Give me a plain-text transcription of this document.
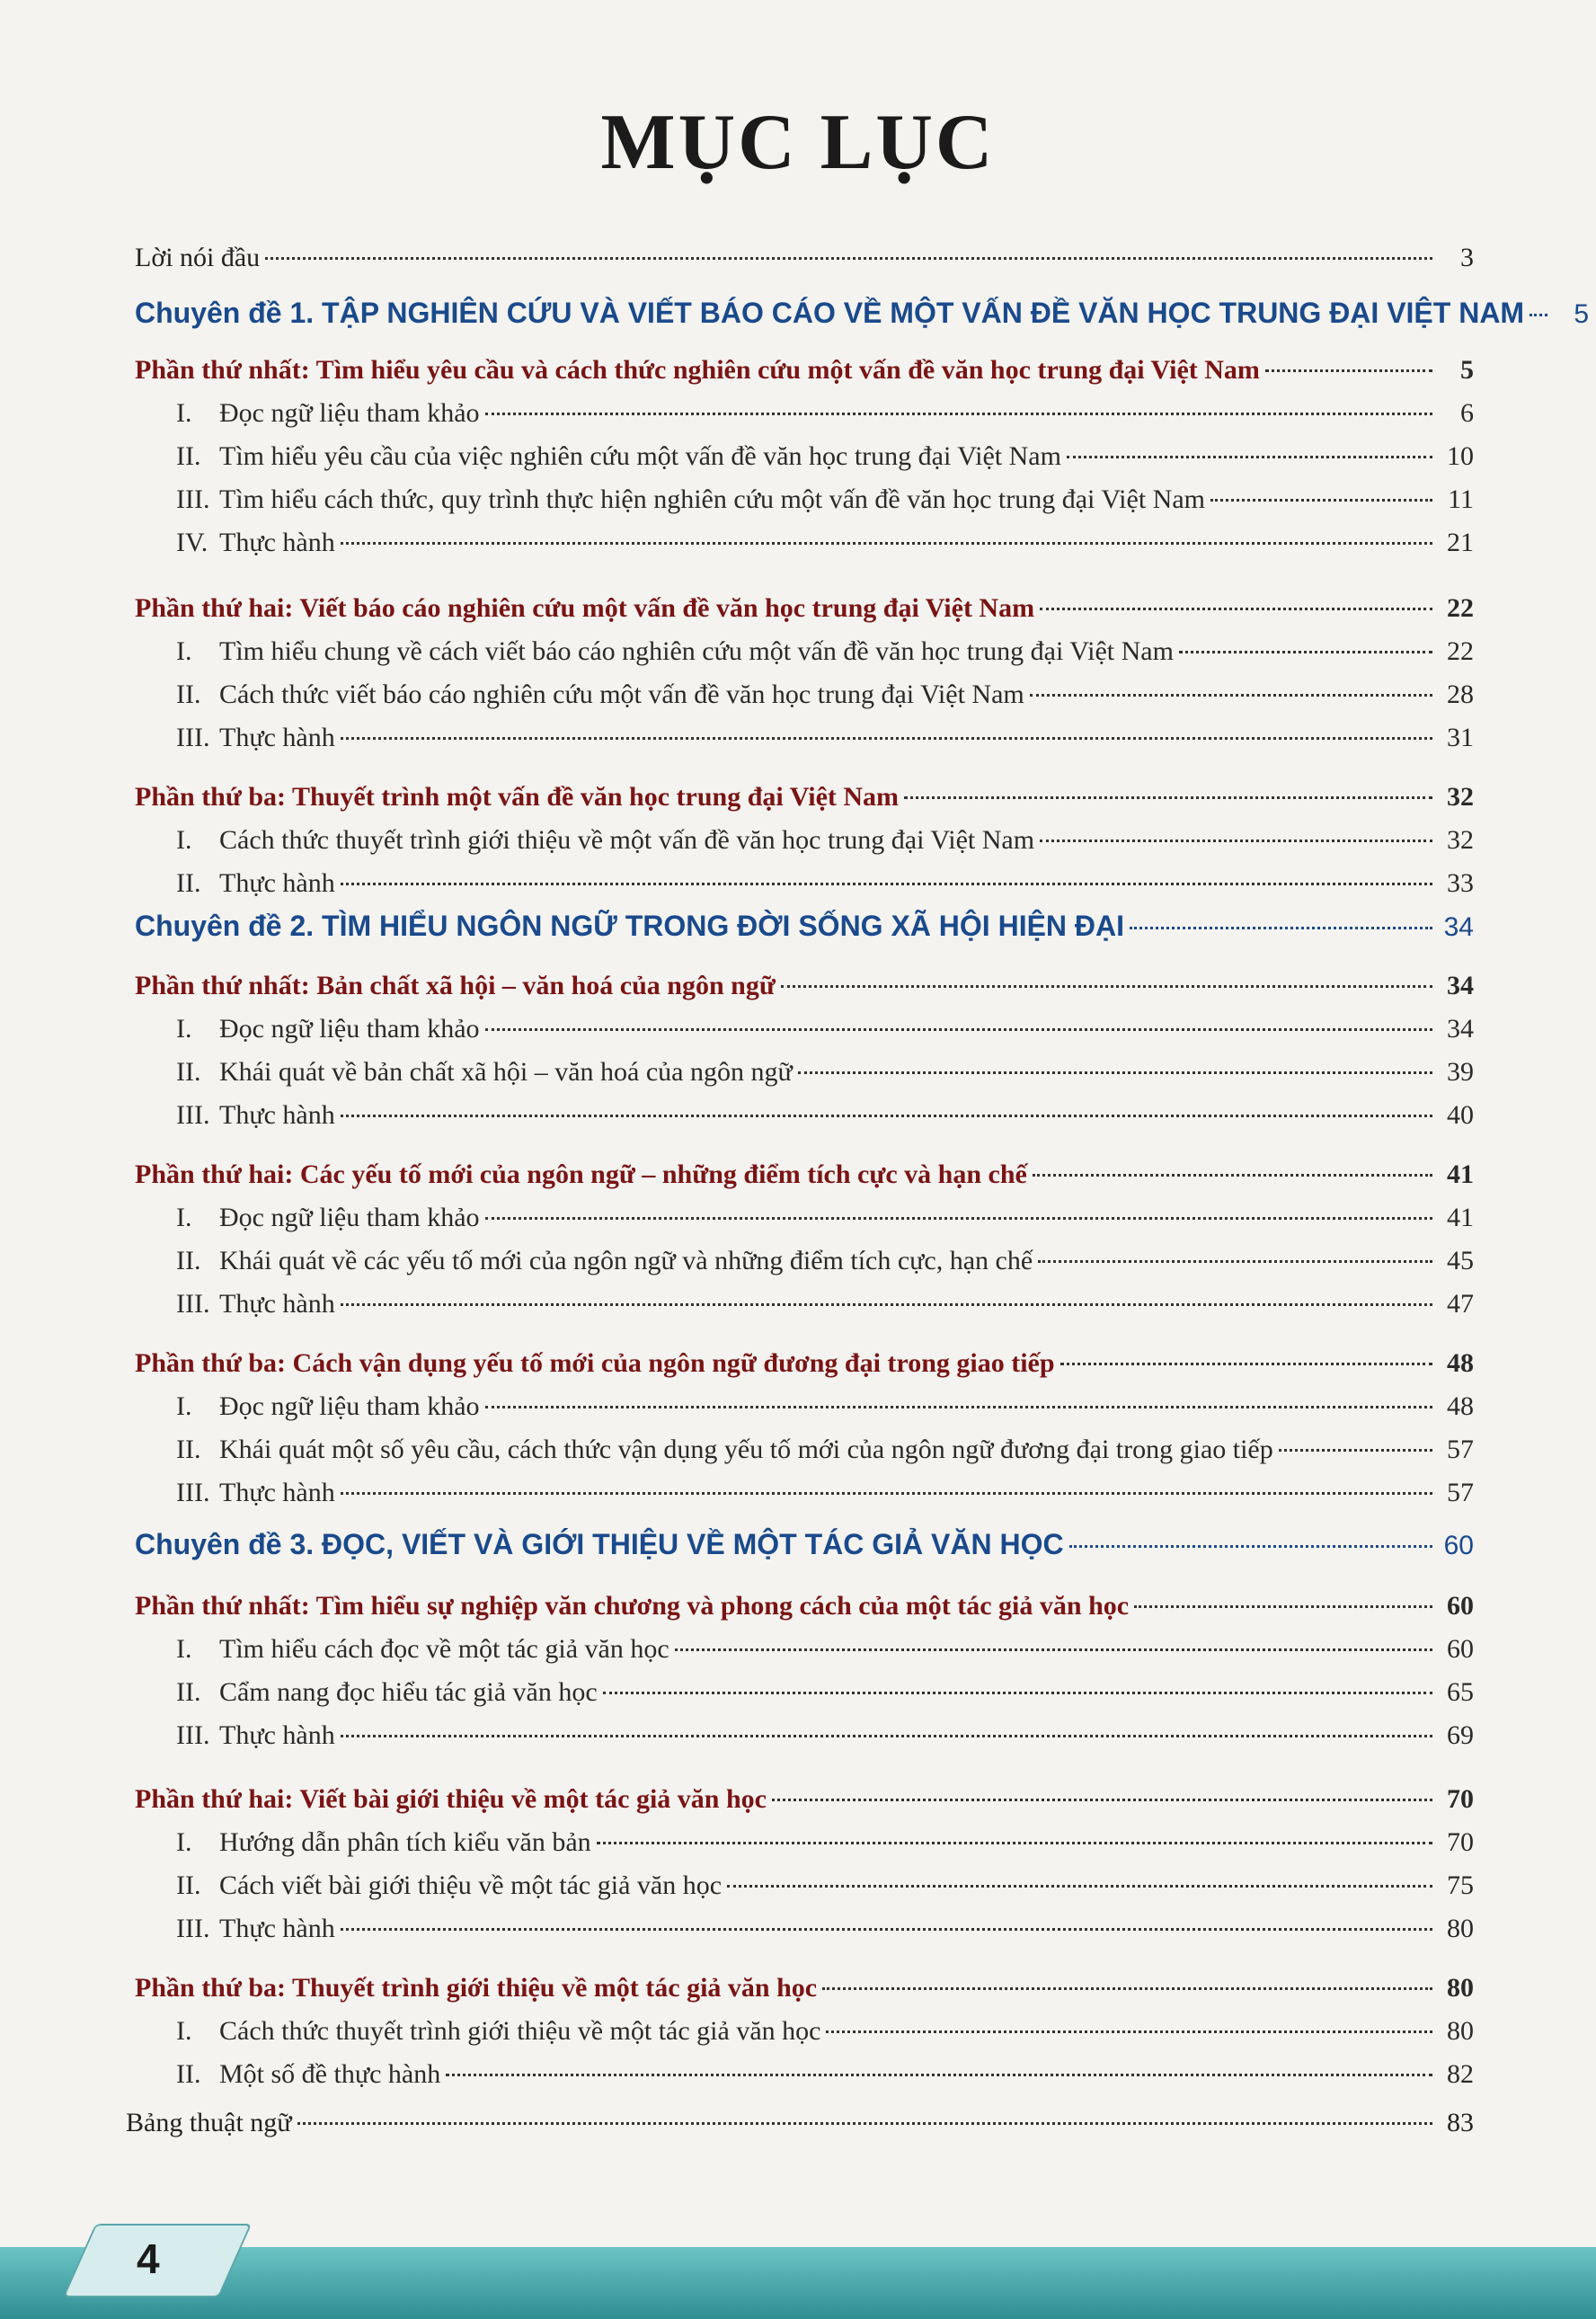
MỤC LỤC
Lời nói đầu	3
Chuyên đề 1. TẬP NGHIÊN CỨU VÀ VIẾT BÁO CÁO VỀ MỘT VẤN ĐỀ VĂN HỌC TRUNG ĐẠI VIỆT NAM	5
Phần thứ nhất: Tìm hiểu yêu cầu và cách thức nghiên cứu một vấn đề văn học trung đại Việt Nam	5
I. Đọc ngữ liệu tham khảo	6
II. Tìm hiểu yêu cầu của việc nghiên cứu một vấn đề văn học trung đại Việt Nam	10
III. Tìm hiểu cách thức, quy trình thực hiện nghiên cứu một vấn đề văn học trung đại Việt Nam	11
IV. Thực hành	21
Phần thứ hai: Viết báo cáo nghiên cứu một vấn đề văn học trung đại Việt Nam	22
I. Tìm hiểu chung về cách viết báo cáo nghiên cứu một vấn đề văn học trung đại Việt Nam	22
II. Cách thức viết báo cáo nghiên cứu một vấn đề văn học trung đại Việt Nam	28
III. Thực hành	31
Phần thứ ba: Thuyết trình một vấn đề văn học trung đại Việt Nam	32
I. Cách thức thuyết trình giới thiệu về một vấn đề văn học trung đại Việt Nam	32
II. Thực hành	33
Chuyên đề 2. TÌM HIỂU NGÔN NGỮ TRONG ĐỜI SỐNG XÃ HỘI HIỆN ĐẠI	34
Phần thứ nhất: Bản chất xã hội – văn hoá của ngôn ngữ	34
I. Đọc ngữ liệu tham khảo	34
II. Khái quát về bản chất xã hội – văn hoá của ngôn ngữ	39
III. Thực hành	40
Phần thứ hai: Các yếu tố mới của ngôn ngữ – những điểm tích cực và hạn chế	41
I. Đọc ngữ liệu tham khảo	41
II. Khái quát về các yếu tố mới của ngôn ngữ và những điểm tích cực, hạn chế	45
III. Thực hành	47
Phần thứ ba: Cách vận dụng yếu tố mới của ngôn ngữ đương đại trong giao tiếp	48
I. Đọc ngữ liệu tham khảo	48
II. Khái quát một số yêu cầu, cách thức vận dụng yếu tố mới của ngôn ngữ đương đại trong giao tiếp	57
III. Thực hành	57
Chuyên đề 3. ĐỌC, VIẾT VÀ GIỚI THIỆU VỀ MỘT TÁC GIẢ VĂN HỌC	60
Phần thứ nhất: Tìm hiểu sự nghiệp văn chương và phong cách của một tác giả văn học	60
I. Tìm hiểu cách đọc về một tác giả văn học	60
II. Cẩm nang đọc hiểu tác giả văn học	65
III. Thực hành	69
Phần thứ hai: Viết bài giới thiệu về một tác giả văn học	70
I. Hướng dẫn phân tích kiểu văn bản	70
II. Cách viết bài giới thiệu về một tác giả văn học	75
III. Thực hành	80
Phần thứ ba: Thuyết trình giới thiệu về một tác giả văn học	80
I. Cách thức thuyết trình giới thiệu về một tác giả văn học	80
II. Một số đề thực hành	82
Bảng thuật ngữ	83
4
